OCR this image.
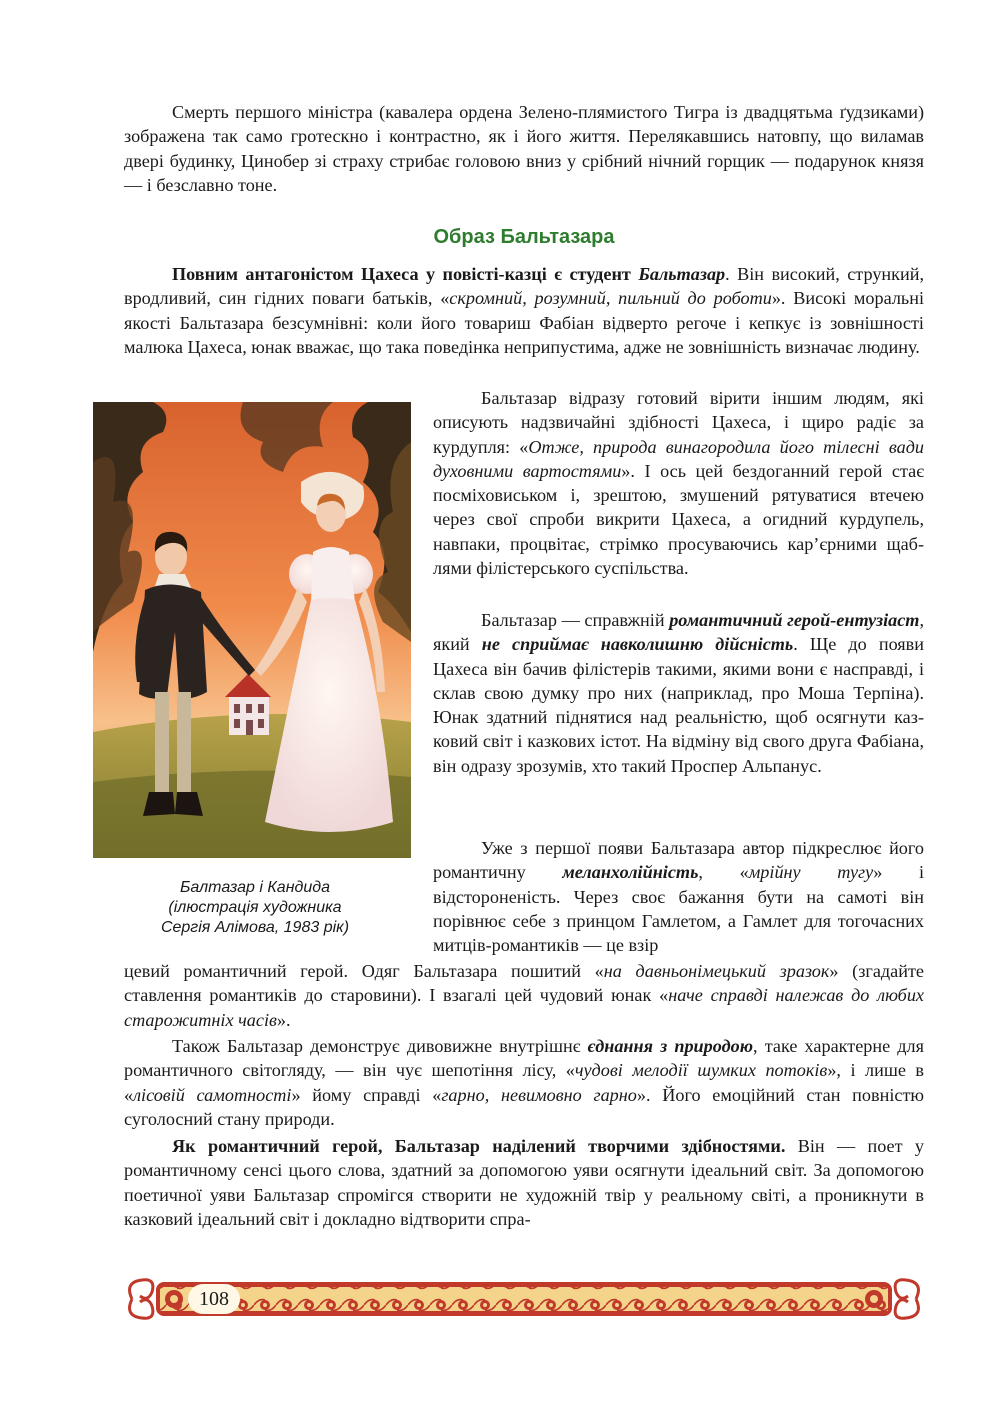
Смерть першого міністра (кавалера ордена Зелено-плямистого Тигра із двадцятьма ґудзиками) зображена так само гротескно і контрастно, як і його життя. Перелякавшись натовпу, що виламав двері будинку, Цинобер зі страху стрибає головою вниз у срібний нічний горщик — подарунок князя — і безславно тоне.

Образ Бальтазара

Повним антагоністом Цахеса у повісті-казці є студент Бальтазар. Він високий, стрункий, вродливий, син гідних поваги батьків, «скромний, розумний, пильний до роботи». Високі моральні якості Бальтазара безсумнівні: коли його товариш Фабіан відверто регоче і кепкує із зовнішності малюка Цахеса, юнак вважає, що така поведінка неприпустима, адже не зовнішність визначає людину.

Бальтазар відразу готовий вірити іншим людям, які описують надзвичайні здібності Цахеса, і щиро радіє за курдупля: «Отже, природа винагородила його тілесні вади духовними вартостями». І ось цей бездоганний герой стає посміховиськом і, зрештою, змушений рятуватися втечею через свої спроби викрити Цахеса, а огидний курдупель, навпаки, процвітає, стрімко просуваючись кар’єрними щаблями філістерського суспільства.

Бальтазар — справжній романтичний герой-ентузіаст, який не сприймає навколишню дійсність. Ще до появи Цахеса він бачив філістерів такими, якими вони є насправді, і склав свою думку про них (наприклад, про Моша Терпіна). Юнак здатний піднятися над реальністю, щоб осягнути казковий світ і казкових істот. На відміну від свого друга Фабіана, він одразу зрозумів, хто такий Проспер Альпанус.

Уже з першої появи Бальтазара автор підкреслює його романтичну меланхолійність, «мрійну тугу» і відстороненість. Через своє бажання бути на самоті він порівнює себе з принцом Гамлетом, а Гамлет для тогочасних митців-романтиків — це взір

Балтазар і Кандида
(ілюстрація художника
Сергія Алімова, 1983 рік)

цевий романтичний герой. Одяг Бальтазара пошитий «на давньонімецький зразок» (згадайте ставлення романтиків до старовини). І взагалі цей чудовий юнак «наче справді належав до любих старожитніх часів».

Також Бальтазар демонструє дивовижне внутрішнє єднання з природою, таке характерне для романтичного світогляду, — він чує шепотіння лісу, «чудові мелодії шумких потоків», і лише в «лісовій самотності» йому справді «гарно, невимовно гарно». Його емоційний стан повністю суголосний стану природи.

Як романтичний герой, Бальтазар наділений творчими здібностями. Він — поет у романтичному сенсі цього слова, здатний за допомогою уяви осягнути ідеальний світ. За допомогою поетичної уяви Бальтазар спромігся створити не художній твір у реальному світі, а проникнути в казковий ідеальний світ і докладно відтворити спра-

108
